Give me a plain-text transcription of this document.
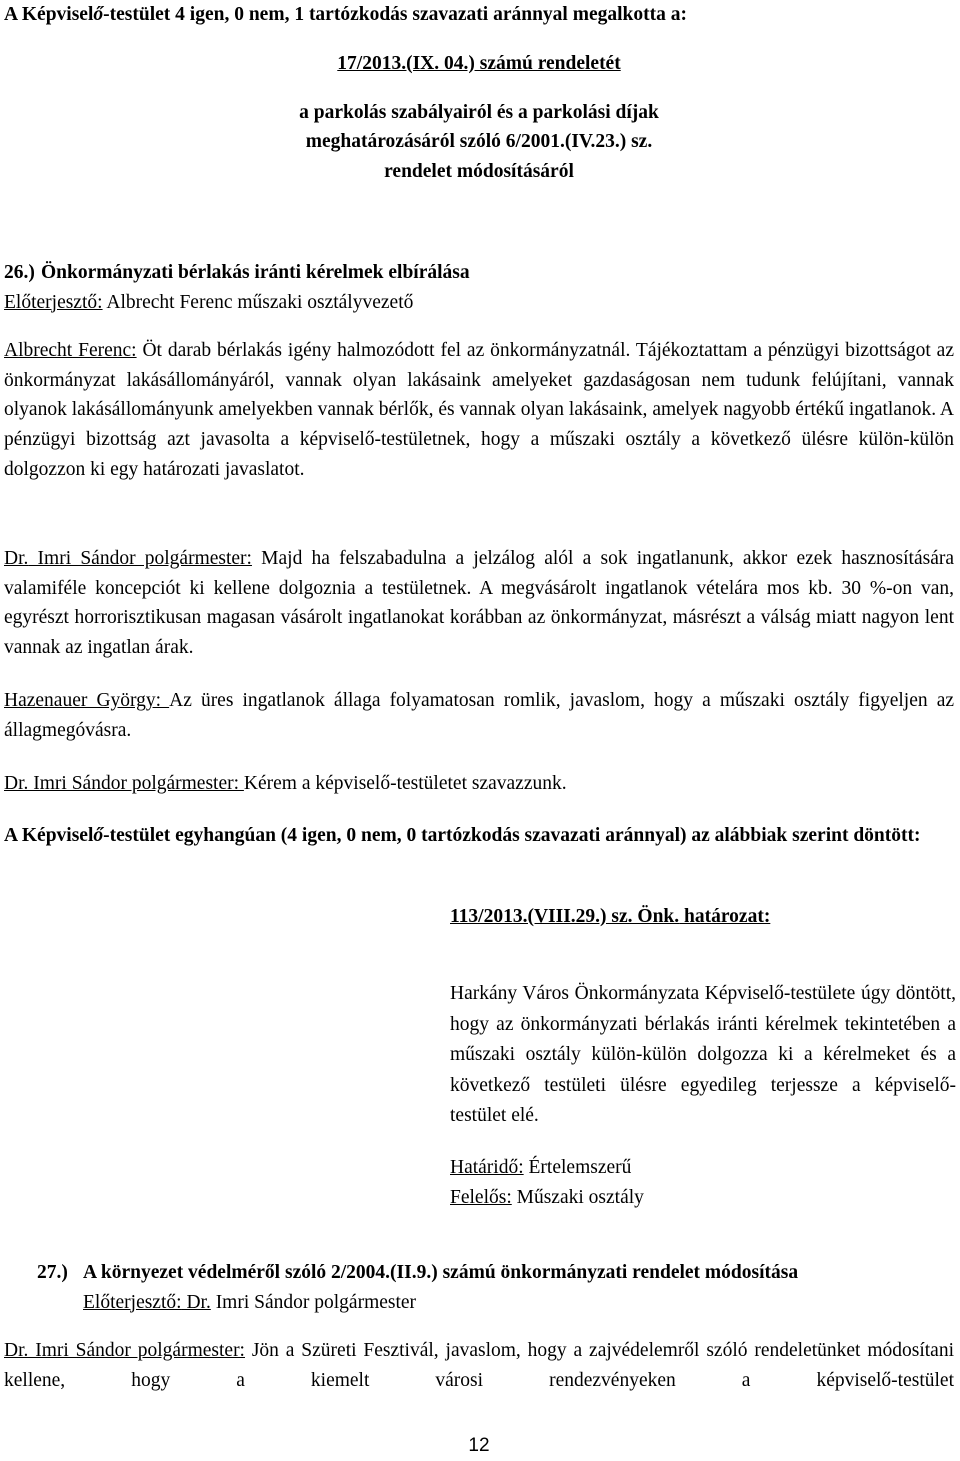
A Képviselő-testület 4 igen, 0 nem, 1 tartózkodás szavazati aránnyal megalkotta a:

17/2013.(IX. 04.) számú rendeletét

a parkolás szabályairól és a parkolási díjak

meghatározásáról szóló 6/2001.(IV.23.) sz.

rendelet módosításáról

26.) Önkormányzati bérlakás iránti kérelmek elbírálása

Előterjesztő: Albrecht Ferenc műszaki osztályvezető

Albrecht Ferenc: Öt darab bérlakás igény halmozódott fel az önkormányzatnál. Tájékoztattam a pénzügyi bizottságot az önkormányzat lakásállományáról, vannak olyan lakásaink amelyeket gazdaságosan nem tudunk felújítani, vannak olyanok lakásállományunk amelyekben vannak bérlők, és vannak olyan lakásaink, amelyek nagyobb értékű ingatlanok. A pénzügyi bizottság azt javasolta a képviselő-testületnek, hogy a műszaki osztály a következő ülésre külön-külön dolgozzon ki egy határozati javaslatot.

Dr. Imri Sándor polgármester: Majd ha felszabadulna a jelzálog alól a sok ingatlanunk, akkor ezek hasznosítására valamiféle koncepciót ki kellene dolgoznia a testületnek. A megvásárolt ingatlanok vételára mos kb. 30 %-on van, egyrészt horrorisztikusan magasan vásárolt ingatlanokat korábban az önkormányzat, másrészt a válság miatt nagyon lent vannak az ingatlan árak.

Hazenauer György: Az üres ingatlanok állaga folyamatosan romlik, javaslom, hogy a műszaki osztály figyeljen az állagmegóvásra.

Dr. Imri Sándor polgármester: Kérem a képviselő-testületet szavazzunk.

A Képviselő-testület egyhangúan (4 igen, 0 nem, 0 tartózkodás szavazati aránnyal) az alábbiak szerint döntött:

113/2013.(VIII.29.) sz. Önk. határozat:

Harkány Város Önkormányzata Képviselő-testülete úgy döntött, hogy az önkormányzati bérlakás iránti kérelmek tekintetében a műszaki osztály külön-külön dolgozza ki a kérelmeket és a következő testületi ülésre egyedileg terjessze a képviselő-testület elé.

Határidő: Értelemszerű

Felelős: Műszaki osztály

27.) A környezet védelméről szóló 2/2004.(II.9.) számú önkormányzati rendelet módosítása

Előterjesztő: Dr. Imri Sándor polgármester

Dr. Imri Sándor polgármester: Jön a Szüreti Fesztivál, javaslom, hogy a zajvédelemről szóló rendeletünket módosítani kellene, hogy a kiemelt városi rendezvényeken a képviselő-testület

12
